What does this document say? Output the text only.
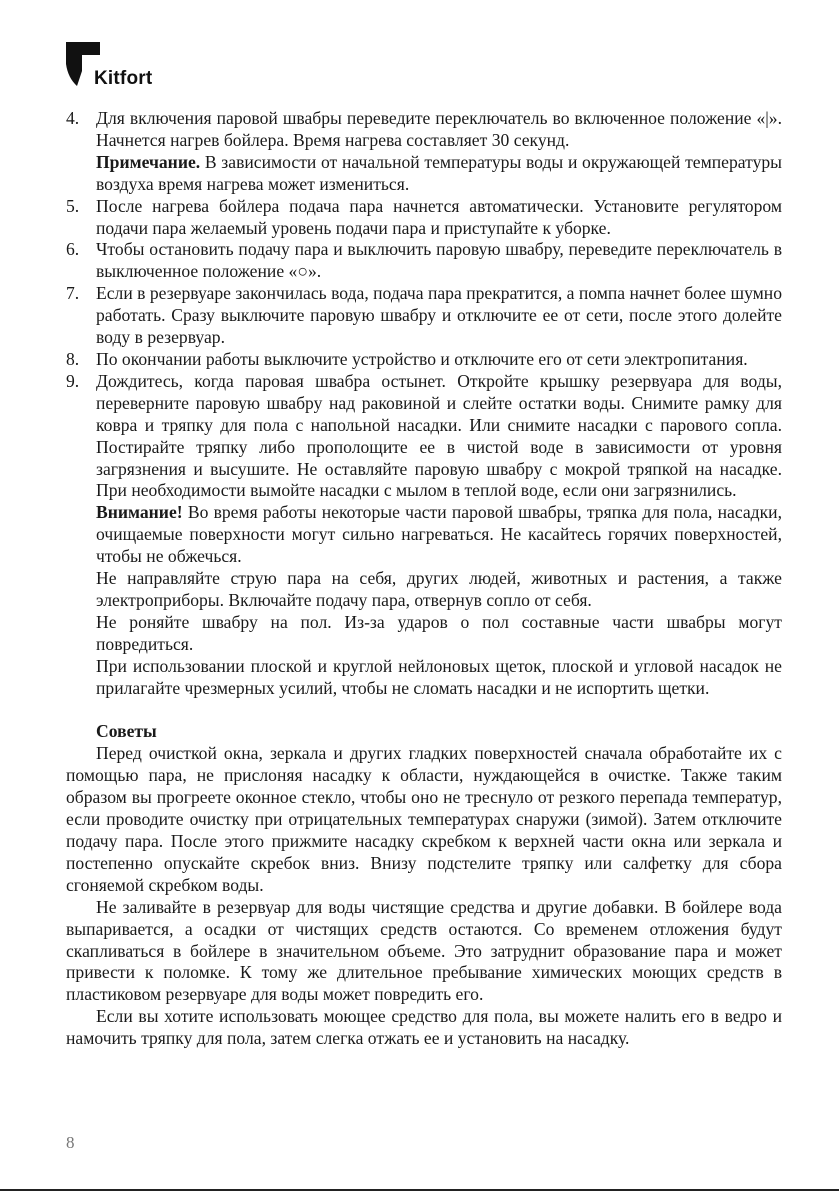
Kitfort
4. Для включения паровой швабры переведите переключатель во включенное положение «|». Начнется нагрев бойлера. Время нагрева составляет 30 секунд.

Примечание. В зависимости от начальной температуры воды и окружающей температуры воздуха время нагрева может измениться.

5. После нагрева бойлера подача пара начнется автоматически. Установите регулятором подачи пара желаемый уровень подачи пара и приступайте к уборке.

6. Чтобы остановить подачу пара и выключить паровую швабру, переведите переключатель в выключенное положение «○».

7. Если в резервуаре закончилась вода, подача пара прекратится, а помпа начнет более шумно работать. Сразу выключите паровую швабру и отключите ее от сети, после этого долейте воду в резервуар.

8. По окончании работы выключите устройство и отключите его от сети электропитания.

9. Дождитесь, когда паровая швабра остынет. Откройте крышку резервуара для воды, переверните паровую швабру над раковиной и слейте остатки воды. Снимите рамку для ковра и тряпку для пола с напольной насадки. Или снимите насадки с парового сопла. Постирайте тряпку либо прополощите ее в чистой воде в зависимости от уровня загрязнения и высушите. Не оставляйте паровую швабру с мокрой тряпкой на насадке. При необходимости вымойте насадки с мылом в теплой воде, если они загрязнились.

Внимание! Во время работы некоторые части паровой швабры, тряпка для пола, насадки, очищаемые поверхности могут сильно нагреваться. Не касайтесь горячих поверхностей, чтобы не обжечься.

Не направляйте струю пара на себя, других людей, животных и растения, а также электроприборы. Включайте подачу пара, отвернув сопло от себя.

Не роняйте швабру на пол. Из-за ударов о пол составные части швабры могут повредиться.

При использовании плоской и круглой нейлоновых щеток, плоской и угловой насадок не прилагайте чрезмерных усилий, чтобы не сломать насадки и не испортить щетки.

Советы

Перед очисткой окна, зеркала и других гладких поверхностей сначала обработайте их с помощью пара, не прислоняя насадку к области, нуждающейся в очистке. Также таким образом вы прогреете оконное стекло, чтобы оно не треснуло от резкого перепада температур, если проводите очистку при отрицательных температурах снаружи (зимой). Затем отключите подачу пара. После этого прижмите насадку скребком к верхней части окна или зеркала и постепенно опускайте скребок вниз. Внизу подстелите тряпку или салфетку для сбора сгоняемой скребком воды.

Не заливайте в резервуар для воды чистящие средства и другие добавки. В бойлере вода выпаривается, а осадки от чистящих средств остаются. Со временем отложения будут скапливаться в бойлере в значительном объеме. Это затруднит образование пара и может привести к поломке. К тому же длительное пребывание химических моющих средств в пластиковом резервуаре для воды может повредить его.

Если вы хотите использовать моющее средство для пола, вы можете налить его в ведро и намочить тряпку для пола, затем слегка отжать ее и установить на насадку.

8
